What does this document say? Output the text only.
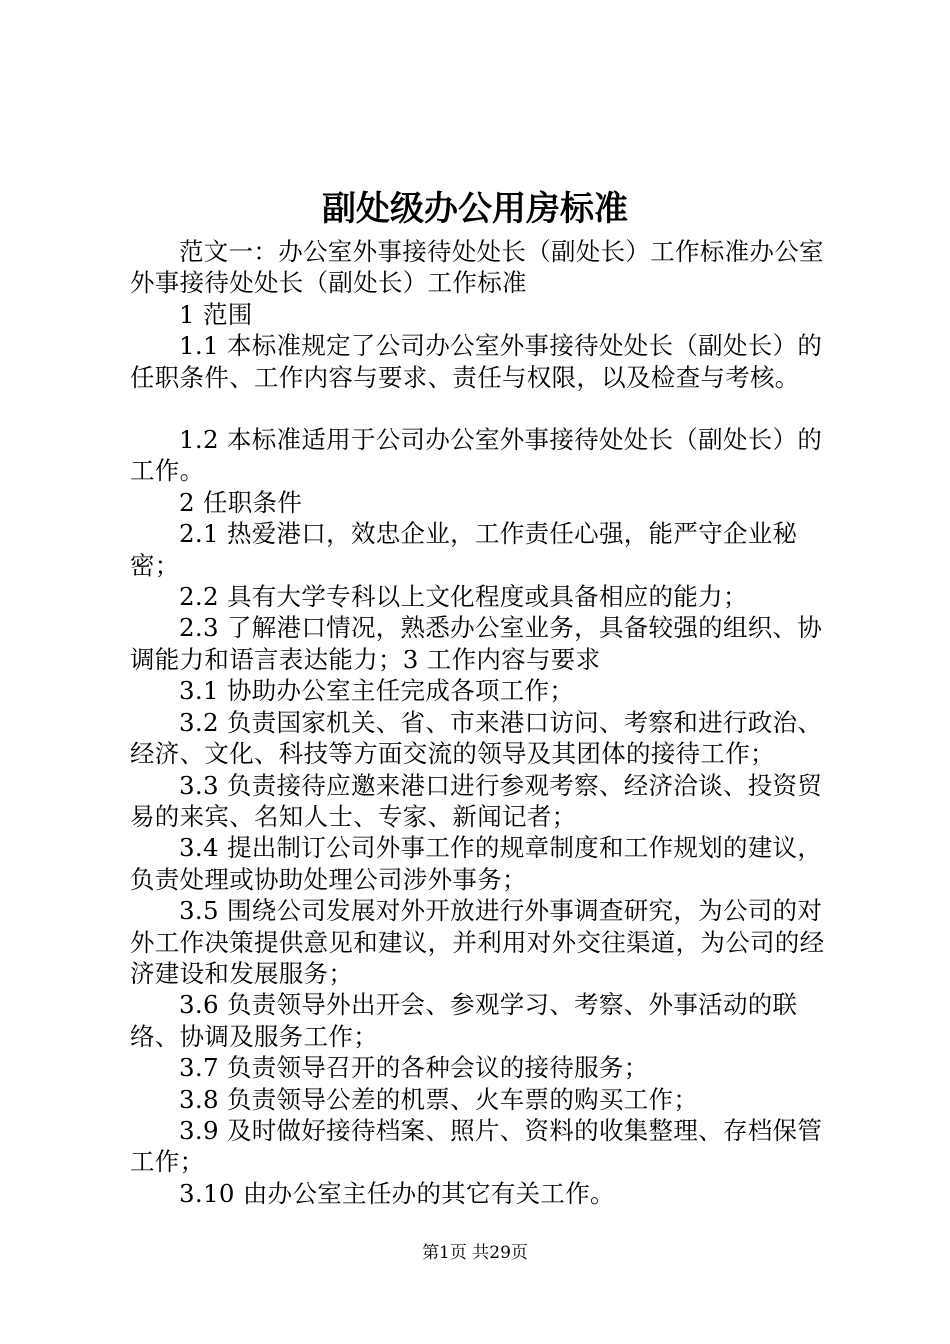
副处级办公用房标准

范文一：办公室外事接待处处长（副处长）工作标准办公室外事接待处处长（副处长）工作标准

1 范围

1.1 本标准规定了公司办公室外事接待处处长（副处长）的任职条件、工作内容与要求、责任与权限，以及检查与考核。

1.2 本标准适用于公司办公室外事接待处处长（副处长）的工作。

2 任职条件

2.1 热爱港口，效忠企业，工作责任心强，能严守企业秘密；

2.2 具有大学专科以上文化程度或具备相应的能力；

2.3 了解港口情况，熟悉办公室业务，具备较强的组织、协调能力和语言表达能力；3 工作内容与要求

3.1 协助办公室主任完成各项工作；

3.2 负责国家机关、省、市来港口访问、考察和进行政治、经济、文化、科技等方面交流的领导及其团体的接待工作；

3.3 负责接待应邀来港口进行参观考察、经济洽谈、投资贸易的来宾、名知人士、专家、新闻记者；

3.4 提出制订公司外事工作的规章制度和工作规划的建议，负责处理或协助处理公司涉外事务；

3.5 围绕公司发展对外开放进行外事调查研究，为公司的对外工作决策提供意见和建议，并利用对外交往渠道，为公司的经济建设和发展服务；

3.6 负责领导外出开会、参观学习、考察、外事活动的联络、协调及服务工作；

3.7 负责领导召开的各种会议的接待服务；

3.8 负责领导公差的机票、火车票的购买工作；

3.9 及时做好接待档案、照片、资料的收集整理、存档保管工作；

3.10 由办公室主任办的其它有关工作。

第1页 共29页
